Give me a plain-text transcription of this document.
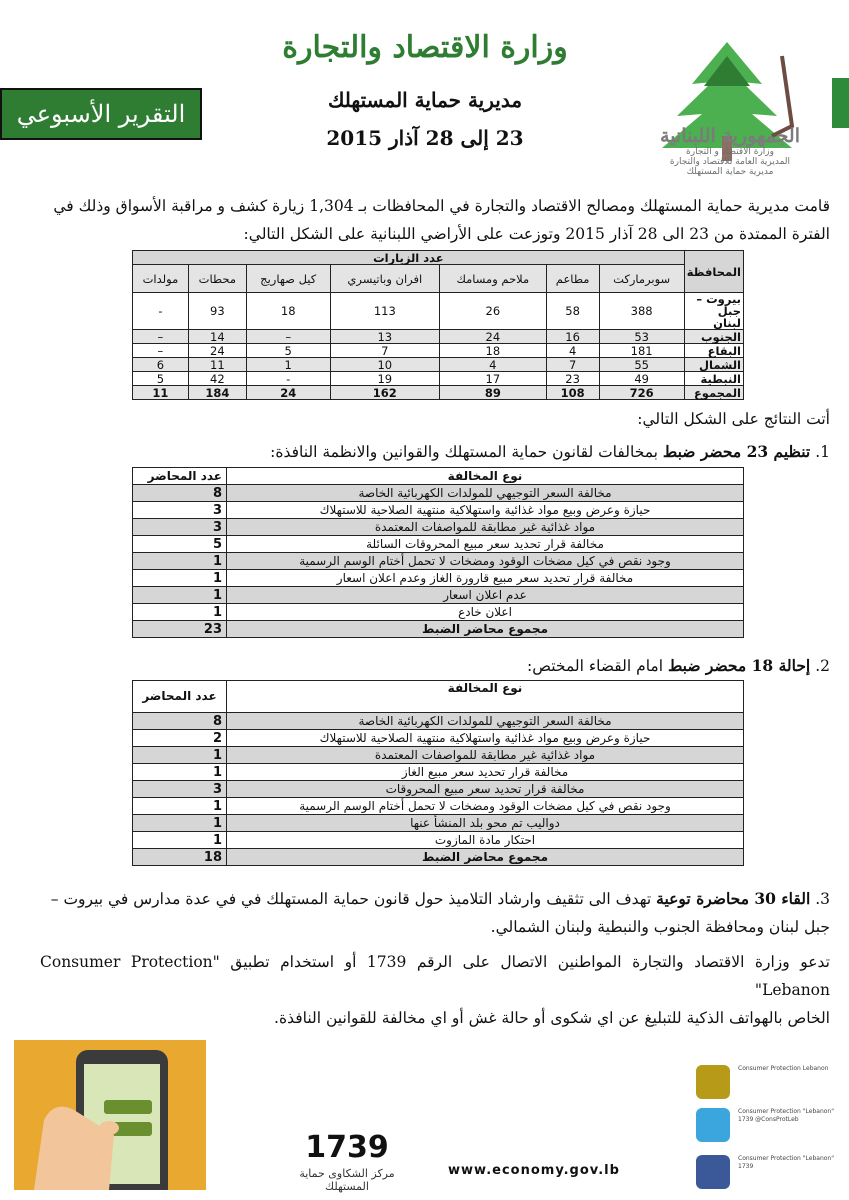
وزارة الاقتصاد والتجارة
مديرية حماية المستهلك
23 إلى 28 آذار 2015
التقرير الأسبوعي
الجمهورية اللبنانية
وزارة الاقتصاد و التجارة
المديرية العامة للاقتصاد والتجارة
مديرية حماية المستهلك
قامت مديرية حماية المستهلك ومصالح الاقتصاد والتجارة في المحافظات بـ 1,304 زيارة كشف و مراقبة الأسواق وذلك في
الفترة الممتدة من 23 الى 28 آذار 2015 وتوزعت على الأراضي اللبنانية على الشكل التالي:
المحافظة	عدد الزيارات						
	سوبرماركت	مطاعم	ملاحم ومسامك	افران وباتيسري	كيل صهاريج	محطات	مولدات
بيروت – جبل لبنان	388	58	26	113	18	93	-
الجنوب	53	16	24	13	–	14	–
البقاع	181	4	18	7	5	24	–
الشمال	55	7	4	10	1	11	6
النبطية	49	23	17	19	-	42	5
المجموع	726	108	89	162	24	184	11
أتت النتائج على الشكل التالي:
1. تنظيم 23 محضر ضبط بمخالفات لقانون حماية المستهلك والقوانين والانظمة النافذة:
نوع المخالفة	عدد المحاضر
مخالفة السعر التوجيهي للمولدات الكهربائية الخاصة	8
حيازة وعرض وبيع مواد غذائية واستهلاكية منتهية الصلاحية للاستهلاك	3
مواد غذائية غير مطابقة للمواصفات المعتمدة	3
مخالفة قرار تحديد سعر مبيع المحروقات السائلة	5
وجود نقص في كيل مضخات الوقود ومضخات لا تحمل أختام الوسم الرسمية	1
مخالفة قرار تحديد سعر مبيع قارورة الغاز وعدم اعلان اسعار	1
عدم اعلان اسعار	1
اعلان خادع	1
مجموع محاضر الضبط	23
2. إحالة 18 محضر ضبط امام القضاء المختص:
نوع المخالفة	عدد المحاضر
مخالفة السعر التوجيهي للمولدات الكهربائية الخاصة	8
حيازة وعرض وبيع مواد غذائية واستهلاكية منتهية الصلاحية للاستهلاك	2
مواد غذائية غير مطابقة للمواصفات المعتمدة	1
مخالفة قرار تحديد سعر مبيع الغاز	1
مخالفة قرار تحديد سعر مبيع المحروقات	3
وجود نقص في كيل مضخات الوقود ومضخات لا تحمل أختام الوسم الرسمية	1
دواليب تم محو بلد المنشأ عنها	1
احتكار مادة المازوت	1
مجموع محاضر الضبط	18
3. القاء 30 محاضرة توعية تهدف الى تثقيف وارشاد التلاميذ حول قانون حماية المستهلك في في عدة مدارس في بيروت –
جبل لبنان ومحافظة الجنوب والنبطية ولبنان الشمالي.
تدعو وزارة الاقتصاد والتجارة المواطنين الاتصال على الرقم 1739 أو استخدام تطبيق "Consumer Protection Lebanon"
الخاص بالهواتف الذكية للتبليغ عن اي شكوى أو حالة غش أو اي مخالفة للقوانين النافذة.
1739
مركز الشكاوى حماية المستهلك
www.economy.gov.lb
Consumer Protection Lebanon
Consumer Protection "Lebanon" 1739 @ConsProtLeb
Consumer Protection "Lebanon" 1739
